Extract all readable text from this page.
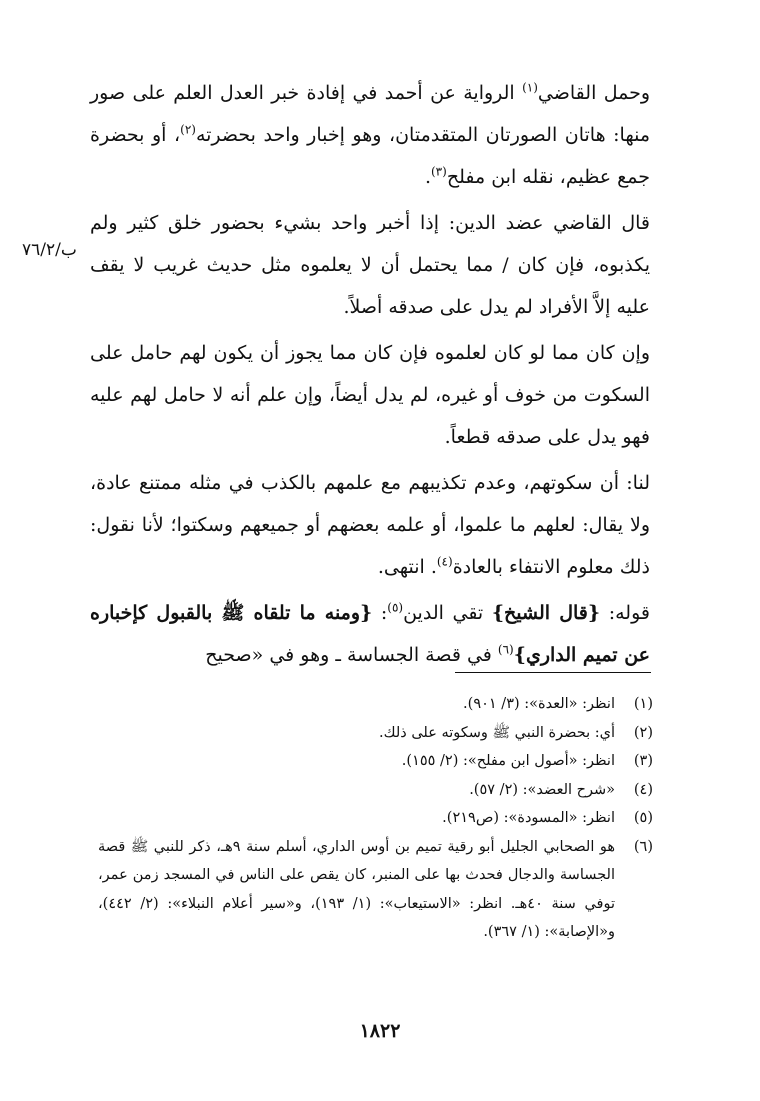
ب/٧٦/٢

وحمل القاضي$^{(١)}$ الرواية عن أحمد في إفادة خبر العدل العلم على صور منها: هاتان الصورتان المتقدمتان، وهو إخبار واحد بحضرته$^{(٢)}$، أو بحضرة جمع عظيم، نقله ابن مفلح$^{(٣)}$.

قال القاضي عضد الدين: إذا أخبر واحد بشيء بحضور خلق كثير ولم يكذبوه، فإن كان / مما يحتمل أن لا يعلموه مثل حديث غريب لا يقف عليه إلاَّ الأفراد لم يدل على صدقه أصلاً.

وإن كان مما لو كان لعلموه فإن كان مما يجوز أن يكون لهم حامل على السكوت من خوف أو غيره، لم يدل أيضاً، وإن علم أنه لا حامل لهم عليه فهو يدل على صدقه قطعاً.

لنا: أن سكوتهم، وعدم تكذيبهم مع علمهم بالكذب في مثله ممتنع عادة، ولا يقال: لعلهم ما علموا، أو علمه بعضهم أو جميعهم وسكتوا؛ لأنا نقول: ذلك معلوم الانتفاء بالعادة$^{(٤)}$. انتهى.

قوله: {قال الشيخ} تقي الدين$^{(٥)}$: {ومنه ما تلقاه ﷺ بالقبول كإخباره عن تميم الداري}$^{(٦)}$ في قصة الجساسة ـ وهو في «صحيح

(١)
انظر: «العدة»: (٣/ ٩٠١).
(٢)
أي: بحضرة النبي ﷺ وسكوته على ذلك.
(٣)
انظر: «أصول ابن مفلح»: (٢/ ١٥٥).
(٤)
«شرح العضد»: (٢/ ٥٧).
(٥)
انظر: «المسودة»: (ص٢١٩).
(٦)
هو الصحابي الجليل أبو رقية تميم بن أوس الداري، أسلم سنة ٩هـ، ذكر للنبي ﷺ قصة الجساسة والدجال فحدث بها على المنبر، كان يقص على الناس في المسجد زمن عمر، توفي سنة ٤٠هـ. انظر: «الاستيعاب»: (١/ ١٩٣)، و«سير أعلام النبلاء»: (٢/ ٤٤٢)، و«الإصابة»: (١/ ٣٦٧).
١٨٢٢
